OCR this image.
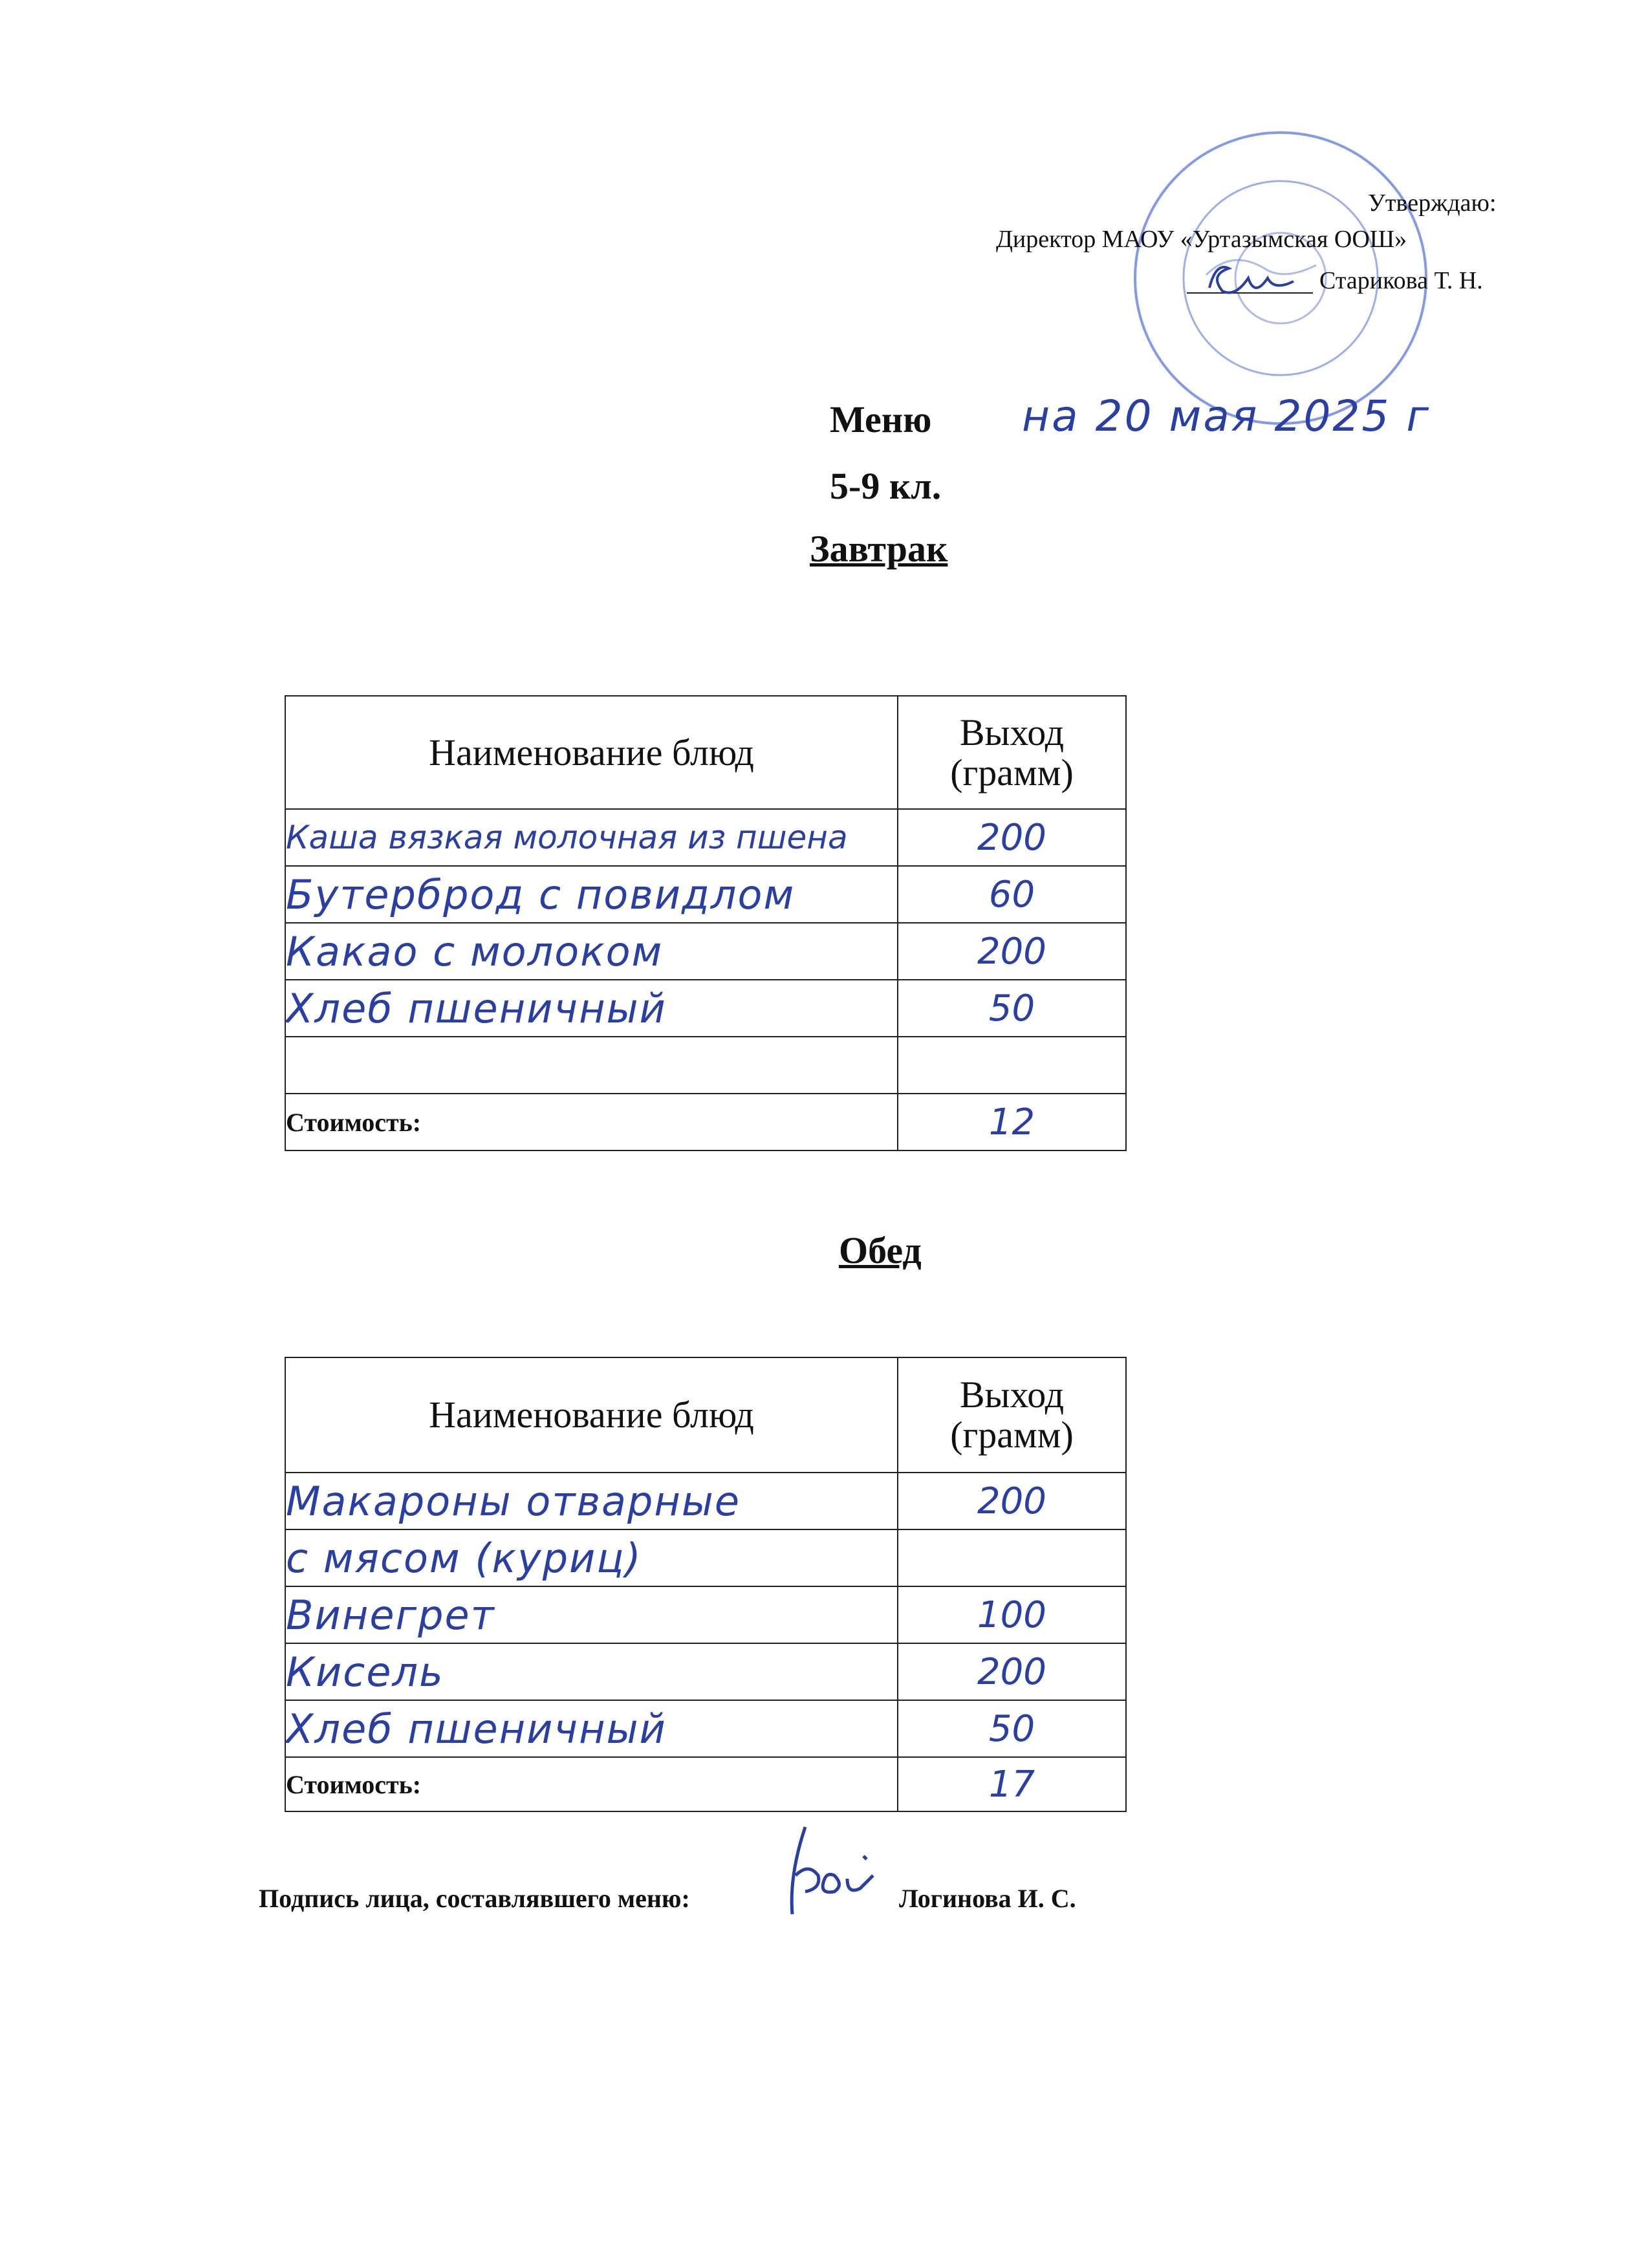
Утверждаю:
Директор МАОУ «Уртазымская ООШ»
Старикова Т. Н.
Меню на 20 мая 2025 г
5-9 кл.
Завтрак
Наименование блюд	Выход (грамм)
Каша вязкая молочная из пшена	200
Бутерброд с повидлом	60
Какао с молоком	200
Хлеб пшеничный	50

Стоимость:	12
Обед
Наименование блюд	Выход (грамм)
Макароны отварные	200
с мясом (куриц)	
Винегрет	100
Кисель	200
Хлеб пшеничный	50
Стоимость:	17
Подпись лица, составлявшего меню:	Логинова И. С.
